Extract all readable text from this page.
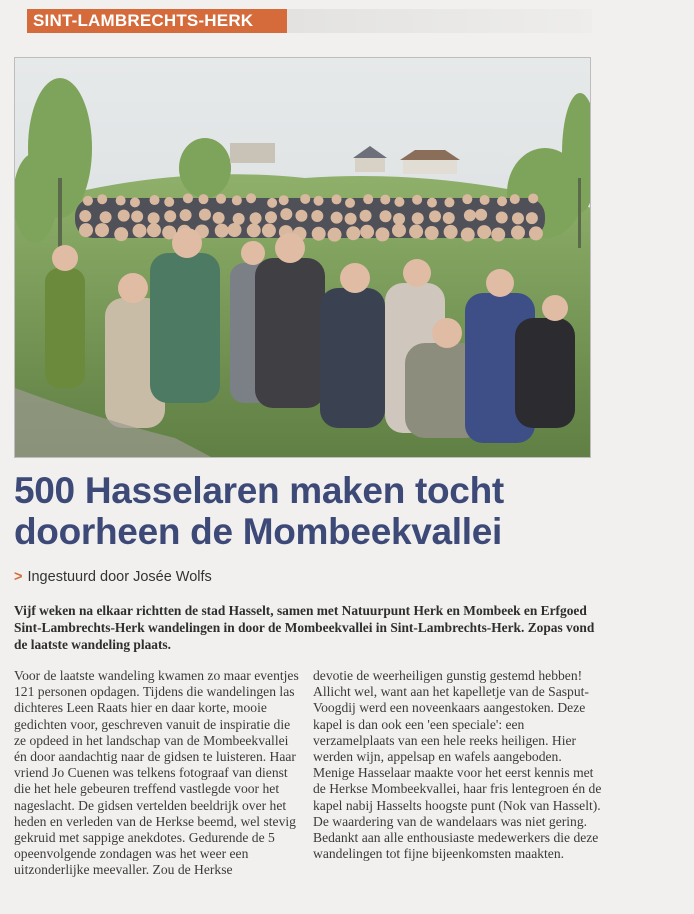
SINT-LAMBRECHTS-HERK
500 Hasselaren maken tocht
doorheen de Mombeekvallei
> Ingestuurd door Josée Wolfs

Vijf weken na elkaar richtten de stad Hasselt, samen met Natuurpunt Herk en Mombeek en Erfgoed Sint-Lambrechts-Herk wandelingen in door de Mombeekvallei in Sint-Lambrechts-Herk. Zopas vond de laatste wandeling plaats.

Voor de laatste wandeling kwamen zo maar eventjes 121 personen opdagen. Tijdens die wandelingen las dichteres Leen Raats hier en daar korte, mooie gedichten voor, geschreven vanuit de inspiratie die ze opdeed in het landschap van de Mombeekvallei én door aandachtig naar de gidsen te luisteren. Haar vriend Jo Cuenen was telkens fotograaf van dienst die het hele gebeuren treffend vastlegde voor het nageslacht. De gidsen vertelden beeldrijk over het heden en verleden van de Herkse beemd, wel stevig gekruid met sappige anekdotes. Gedurende de 5 opeenvolgende zondagen was het weer een uitzonderlijke meevaller. Zou de Herkse

devotie de weerheiligen gunstig gestemd hebben! Allicht wel, want aan het kapelletje van de Sasput-Voogdij werd een noveenkaars aangestoken. Deze kapel is dan ook een 'een speciale': een verzamelplaats van een hele reeks heiligen. Hier werden wijn, appelsap en wafels aangeboden. Menige Hasselaar maakte voor het eerst kennis met de Herkse Mombeekvallei, haar fris lentegroen én de kapel nabij Hasselts hoogste punt (Nok van Hasselt). De waardering van de wandelaars was niet gering. Bedankt aan alle enthousiaste medewerkers die deze wandelingen tot fijne bijeenkomsten maakten.
